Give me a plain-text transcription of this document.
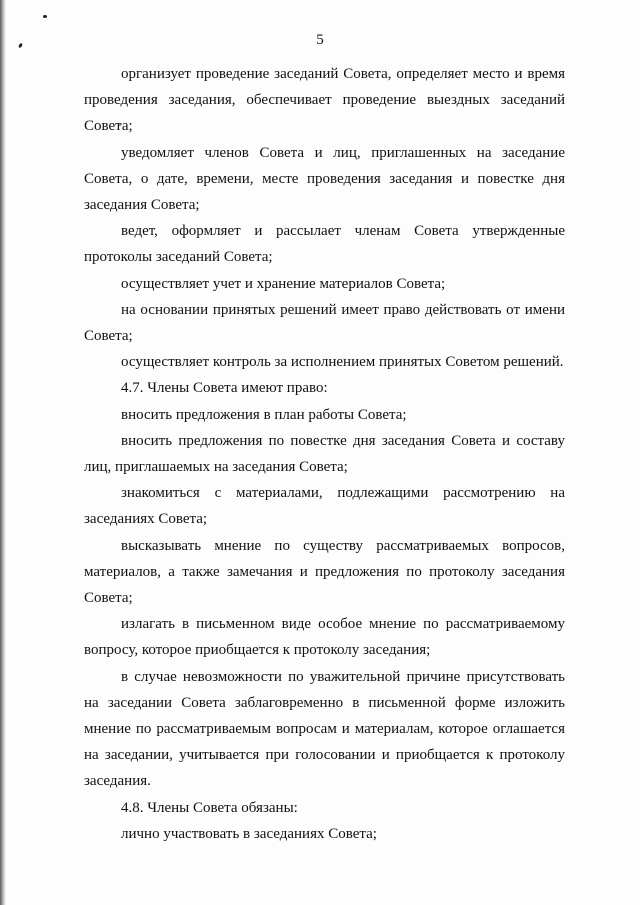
5

организует проведение заседаний Совета, определяет место и время проведения заседания, обеспечивает проведение выездных заседаний Совета;

уведомляет членов Совета и лиц, приглашенных на заседание Совета, о дате, времени, месте проведения заседания и повестке дня заседания Совета;

ведет, оформляет и рассылает членам Совета утвержденные протоколы заседаний Совета;

осуществляет учет и хранение материалов Совета;

на основании принятых решений имеет право действовать от имени Совета;

осуществляет контроль за исполнением принятых Советом решений.

4.7. Члены Совета имеют право:

вносить предложения в план работы Совета;

вносить предложения по повестке дня заседания Совета и составу лиц, приглашаемых на заседания Совета;

знакомиться с материалами, подлежащими рассмотрению на заседаниях Совета;

высказывать мнение по существу рассматриваемых вопросов, материалов, а также замечания и предложения по протоколу заседания Совета;

излагать в письменном виде особое мнение по рассматриваемому вопросу, которое приобщается к протоколу заседания;

в случае невозможности по уважительной причине присутствовать на заседании Совета заблаговременно в письменной форме изложить мнение по рассматриваемым вопросам и материалам, которое оглашается на заседании, учитывается при голосовании и приобщается к протоколу заседания.

4.8. Члены Совета обязаны:

лично участвовать в заседаниях Совета;
